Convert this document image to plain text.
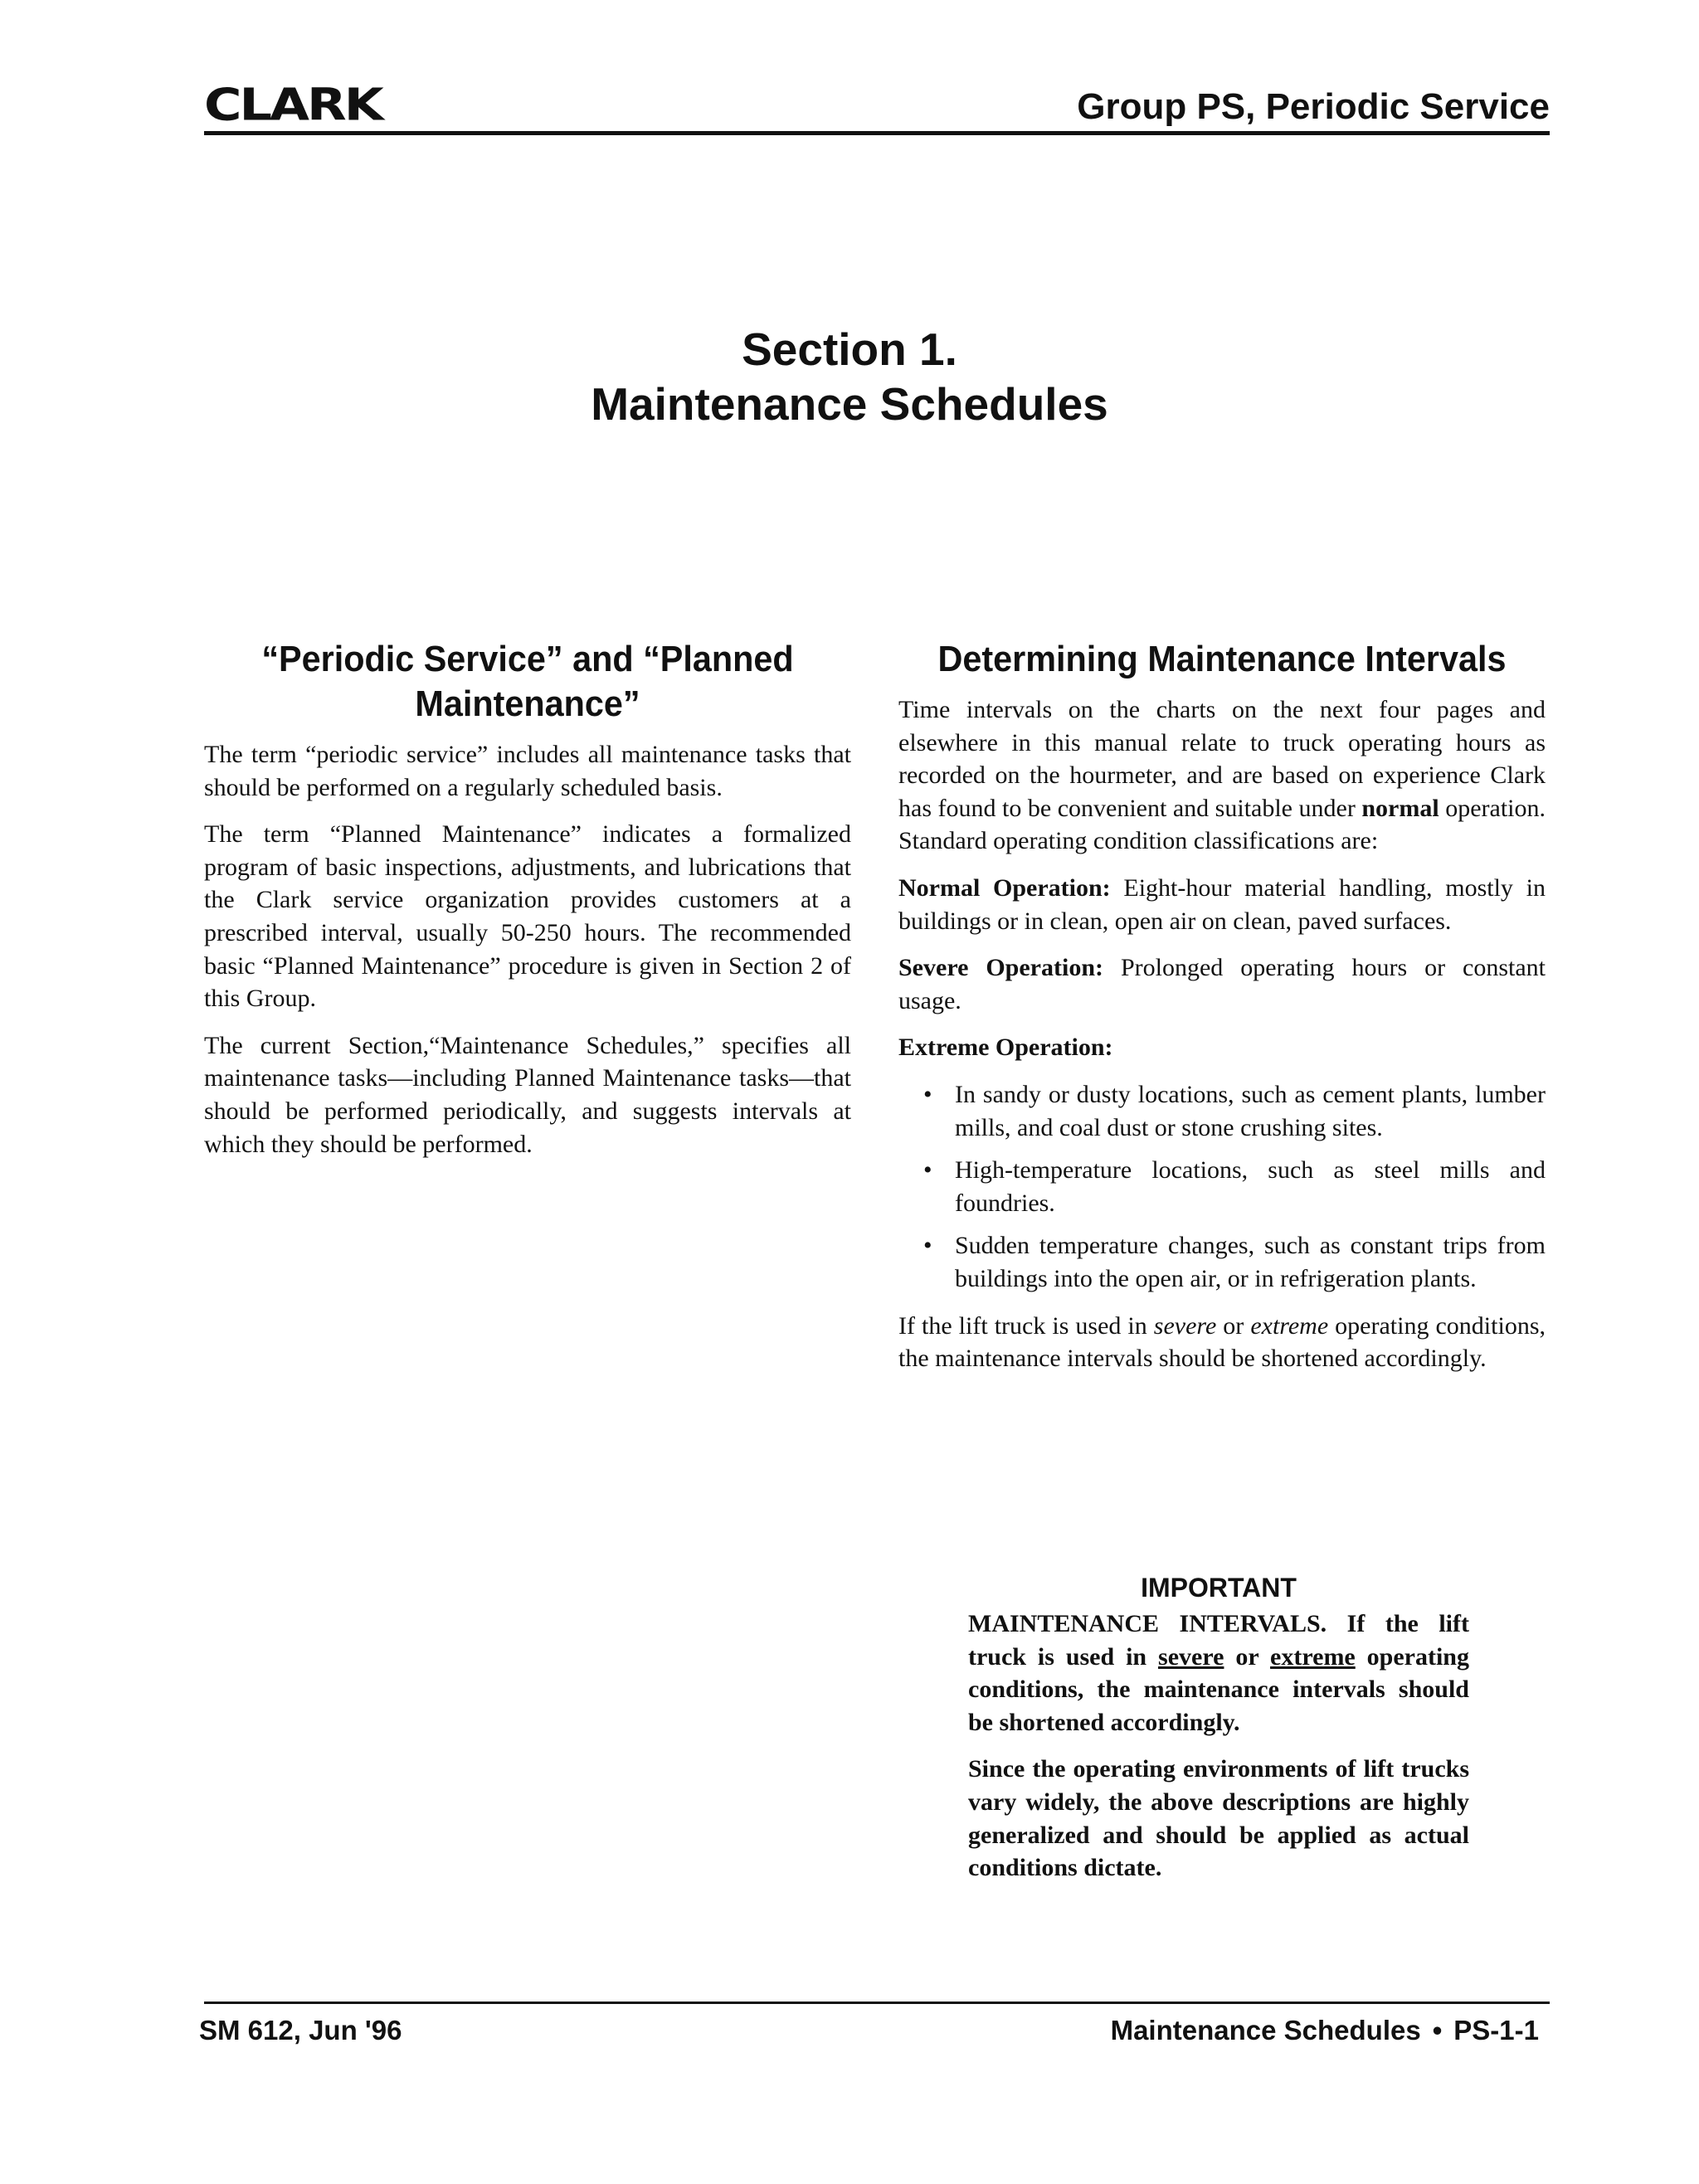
CLARK	Group PS, Periodic Service
Section 1.
Maintenance Schedules
“Periodic Service” and “Planned
Maintenance”

The term “periodic service” includes all maintenance tasks that should be performed on a regularly scheduled basis.

The term “Planned Maintenance” indicates a formalized program of basic inspections, adjustments, and lubrications that the Clark service organization provides customers at a prescribed interval, usually 50-250 hours. The recommended basic “Planned Maintenance” procedure is given in Section 2 of this Group.

The current Section,“Maintenance Schedules,” specifies all maintenance tasks—including Planned Maintenance tasks—that should be performed periodically, and suggests intervals at which they should be performed.

Determining Maintenance Intervals

Time intervals on the charts on the next four pages and elsewhere in this manual relate to truck operating hours as recorded on the hourmeter, and are based on experience Clark has found to be convenient and suitable under normal operation. Standard operating condition classifications are:

Normal Operation: Eight-hour material handling, mostly in buildings or in clean, open air on clean, paved surfaces.

Severe Operation: Prolonged operating hours or constant usage.

Extreme Operation:

• In sandy or dusty locations, such as cement plants, lumber mills, and coal dust or stone crushing sites.
• High-temperature locations, such as steel mills and foundries.
• Sudden temperature changes, such as constant trips from buildings into the open air, or in refrigeration plants.

If the lift truck is used in severe or extreme operating conditions, the maintenance intervals should be shortened accordingly.

IMPORTANT

MAINTENANCE INTERVALS. If the lift truck is used in severe or extreme operating conditions, the maintenance intervals should be shortened accordingly.

Since the operating environments of lift trucks vary widely, the above descriptions are highly generalized and should be applied as actual conditions dictate.

SM 612, Jun '96	Maintenance Schedules • PS-1-1
